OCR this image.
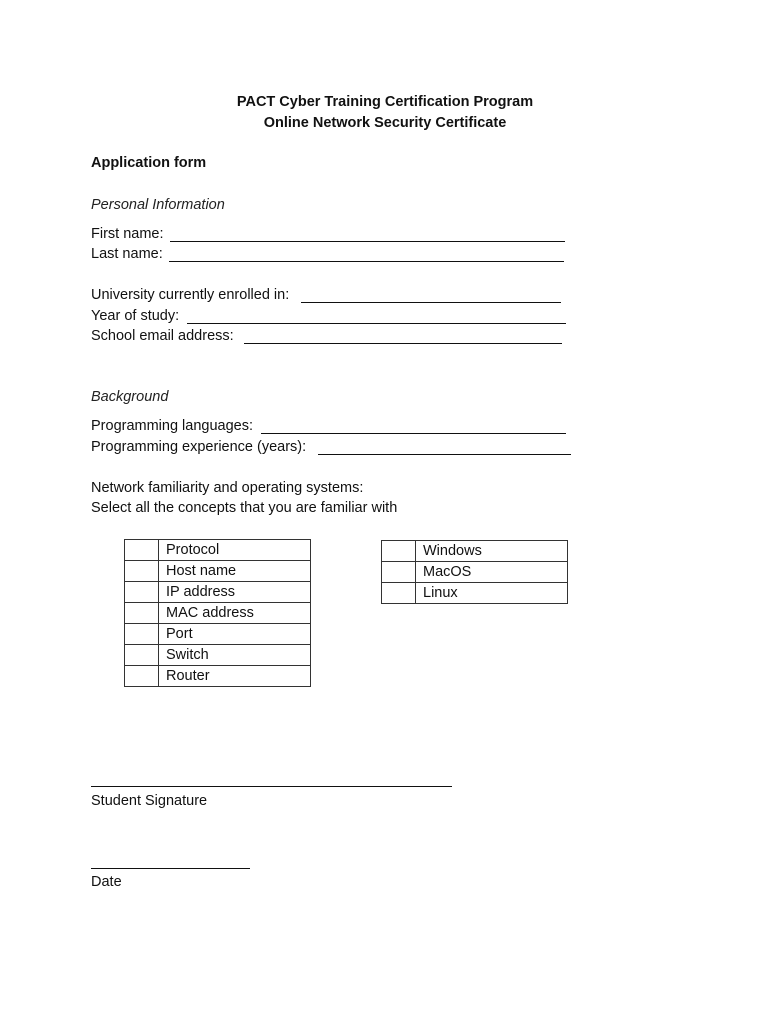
PACT Cyber Training Certification Program
Online Network Security Certificate
Application form
Personal Information
First name:
Last name:
University currently enrolled in:
Year of study:
School email address:
Background
Programming languages:
Programming experience (years):
Network familiarity and operating systems:
Select all the concepts that you are familiar with
	Protocol
	Host name
	IP address
	MAC address
	Port
	Switch
	Router
	Windows
	MacOS
	Linux
Student Signature
Date
